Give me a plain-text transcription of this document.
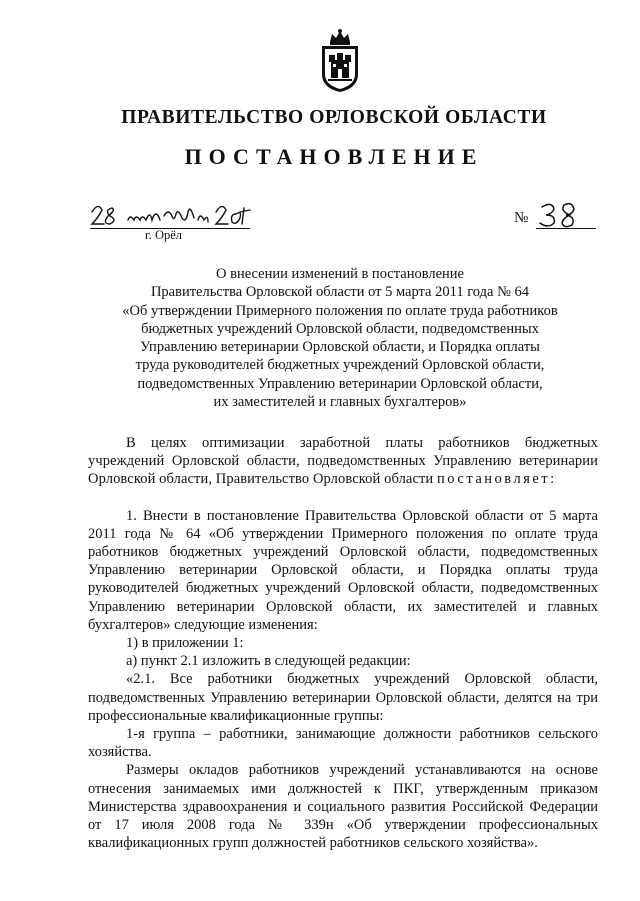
ПРАВИТЕЛЬСТВО ОРЛОВСКОЙ ОБЛАСТИ
ПОСТАНОВЛЕНИЕ
г. Орёл
№
О внесении изменений в постановление
Правительства Орловской области от 5 марта 2011 года № 64
«Об утверждении Примерного положения по оплате труда работников
бюджетных учреждений Орловской области, подведомственных
Управлению ветеринарии Орловской области, и Порядка оплаты
труда руководителей бюджетных учреждений Орловской области,
подведомственных Управлению ветеринарии Орловской области,
их заместителей и главных бухгалтеров»

В целях оптимизации заработной платы работников бюджетных учреждений Орловской области, подведомственных Управлению ветеринарии Орловской области, Правительство Орловской области постановляет:

1. Внести в постановление Правительства Орловской области от 5 марта 2011 года № 64 «Об утверждении Примерного положения по оплате труда работников бюджетных учреждений Орловской области, подведомственных Управлению ветеринарии Орловской области, и Порядка оплаты труда руководителей бюджетных учреждений Орловской области, подведомственных Управлению ветеринарии Орловской области, их заместителей и главных бухгалтеров» следующие изменения:

1) в приложении 1:

а) пункт 2.1 изложить в следующей редакции:

«2.1. Все работники бюджетных учреждений Орловской области, подведомственных Управлению ветеринарии Орловской области, делятся на три профессиональные квалификационные группы:

1-я группа – работники, занимающие должности работников сельского хозяйства.

Размеры окладов работников учреждений устанавливаются на основе отнесения занимаемых ими должностей к ПКГ, утвержденным приказом Министерства здравоохранения и социального развития Российской Федерации от 17 июля 2008 года № 339н «Об утверждении профессиональных квалификационных групп должностей работников сельского хозяйства».
